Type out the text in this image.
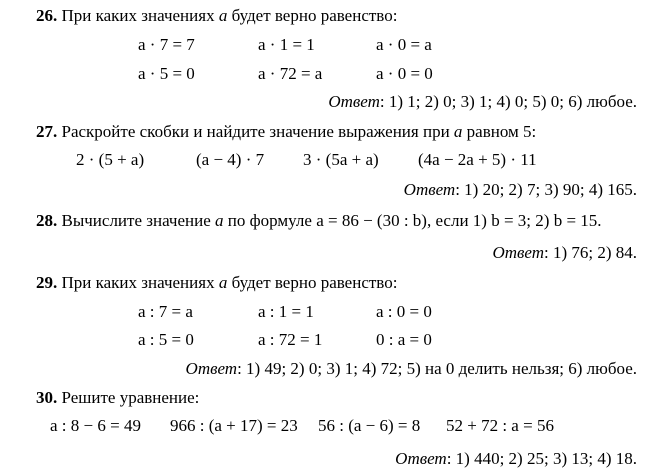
26. При каких значениях a будет верно равенство:
a · 7 = 7	a · 1 = 1	a · 0 = a
a · 5 = 0	a · 72 = a	a · 0 = 0
Ответ: 1) 1; 2) 0; 3) 1; 4) 0; 5) 0; 6) любое.
27. Раскройте скобки и найдите значение выражения при a равном 5:
2 · (5 + a)	(a − 4) · 7 3 · (5a + a) (4a − 2a + 5) · 11
Ответ: 1) 20; 2) 7; 3) 90; 4) 165.
28. Вычислите значение a по формуле a = 86 − (30 : b), если 1) b = 3; 2) b = 15.
Ответ: 1) 76; 2) 84.
29. При каких значениях a будет верно равенство:
a : 7 = a	a : 1 = 1	a : 0 = 0
a : 5 = 0	a : 72 = 1	0 : a = 0
Ответ: 1) 49; 2) 0; 3) 1; 4) 72; 5) на 0 делить нельзя; 6) любое.
30. Решите уравнение:
a : 8 − 6 = 49 966 : (a + 17) = 23 56 : (a − 6) = 8 52 + 72 : a = 56
Ответ: 1) 440; 2) 25; 3) 13; 4) 18.
